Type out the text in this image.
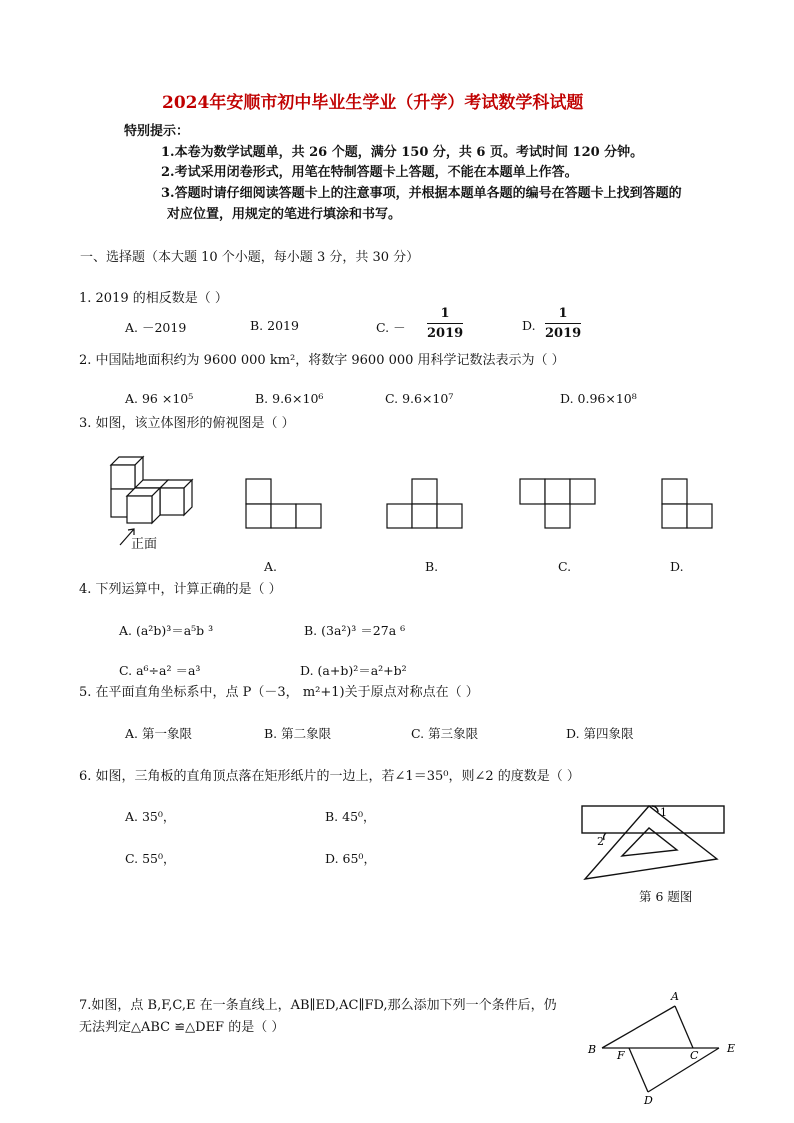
2024年安顺市初中毕业生学业（升学）考试数学科试题
特别提示：
1.本卷为数学试题单，共 26 个题，满分 150 分，共 6 页。考试时间 120 分钟。
2.考试采用闭卷形式，用笔在特制答题卡上答题，不能在本题单上作答。
3.答题时请仔细阅读答题卡上的注意事项，并根据本题单各题的编号在答题卡上找到答题的
对应位置，用规定的笔进行填涂和书写。
一、选择题（本大题 10 个小题，每小题 3 分，共 30 分）
1. 2019 的相反数是（ ）
A. －2019	B. 2019	C. －
1
2019
D.
1
2019
2. 中国陆地面积约为 9600 000 km²，将数字 9600 000 用科学记数法表示为（ ）
A. 96 ×10⁵	B. 9.6×10⁶	C. 9.6×10⁷	D. 0.96×10⁸
3. 如图，该立体图形的俯视图是（ ）
正面
A.	B.	C.	D.
4. 下列运算中，计算正确的是（ ）
A. (a²b)³＝a⁵b ³	B. (3a²)³ ＝27a ⁶
C. a⁶÷a² ＝a³	D. (a+b)²＝a²+b²
5. 在平面直角坐标系中，点 P（－3， m²+1)关于原点对称点在（ ）
A. 第一象限	B. 第二象限	C. 第三象限	D. 第四象限
6. 如图，三角板的直角顶点落在矩形纸片的一边上，若∠1＝35⁰，则∠2 的度数是（ ）
A. 35⁰，	B. 45⁰，
C. 55⁰，	D. 65⁰，
1
2
第 6 题图
7.如图，点 B,F,C,E 在一条直线上，AB∥ED,AC∥FD,那么添加下列一个条件后，仍
无法判定△ABC ≌△DEF 的是（ ）
A
B F	C
E
D
